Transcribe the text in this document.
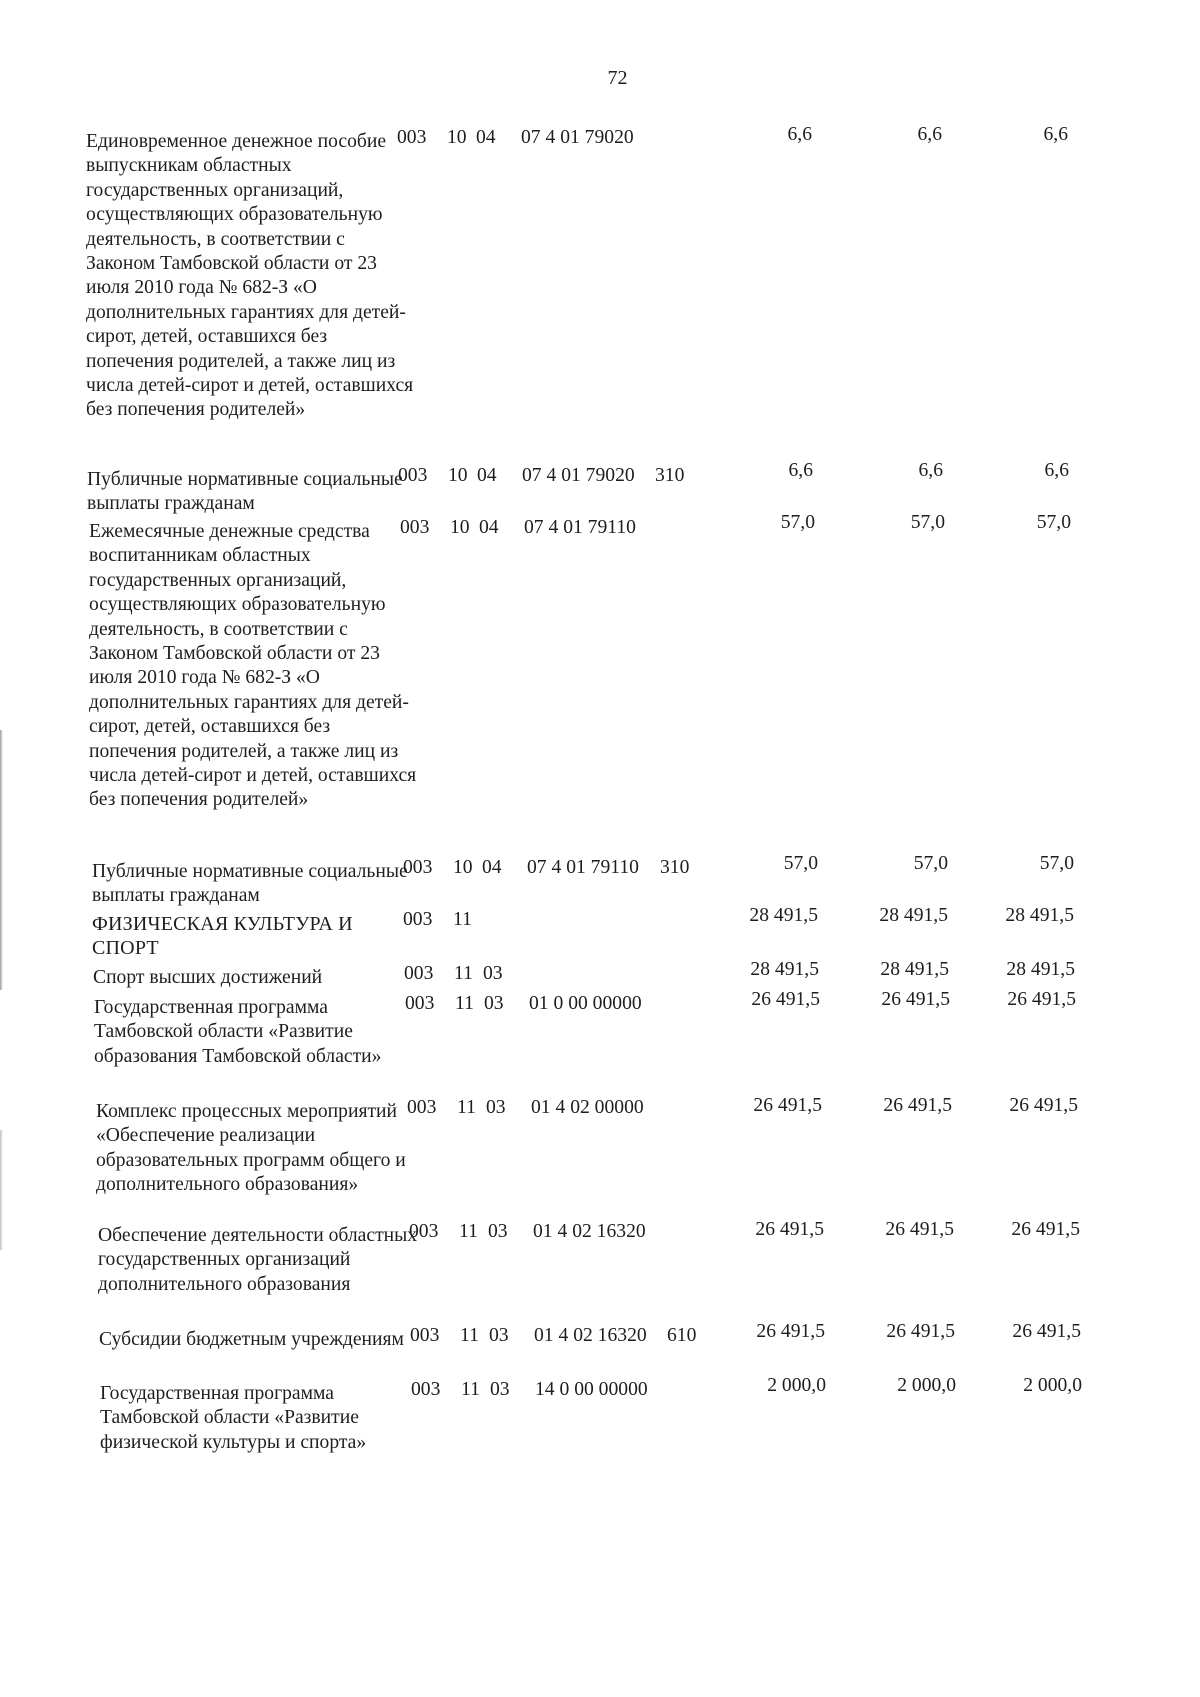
72
Единовременное денежное пособие выпускникам областных государственных организаций, осуществляющих образовательную деятельность, в соответствии с Законом Тамбовской области от 23 июля 2010 года № 682-З «О дополнительных гарантиях для детей-сирот, детей, оставшихся без попечения родителей, а также лиц из числа детей-сирот и детей, оставшихся без попечения родителей»
003 10 04 07 4 01 79020	6,6	6,6	6,6
Публичные нормативные социальные выплаты гражданам
003 10 04 07 4 01 79020 310	6,6	6,6	6,6
Ежемесячные денежные средства воспитанникам областных государственных организаций, осуществляющих образовательную деятельность, в соответствии с Законом Тамбовской области от 23 июля 2010 года № 682-З «О дополнительных гарантиях для детей-сирот, детей, оставшихся без попечения родителей, а также лиц из числа детей-сирот и детей, оставшихся без попечения родителей»
003 10 04 07 4 01 79110	57,0	57,0	57,0
Публичные нормативные социальные выплаты гражданам
003 10 04 07 4 01 79110 310	57,0	57,0	57,0
ФИЗИЧЕСКАЯ КУЛЬТУРА И СПОРТ
003 11	28 491,5	28 491,5	28 491,5
Спорт высших достижений	003 11 03	28 491,5	28 491,5	28 491,5
Государственная программа Тамбовской области «Развитие образования Тамбовской области»
003 11 03 01 0 00 00000	26 491,5	26 491,5	26 491,5
Комплекс процессных мероприятий «Обеспечение реализации образовательных программ общего и дополнительного образования»
003 11 03 01 4 02 00000	26 491,5	26 491,5	26 491,5
Обеспечение деятельности областных государственных организаций дополнительного образования
003 11 03 01 4 02 16320	26 491,5	26 491,5	26 491,5
Субсидии бюджетным учреждениям 003 11 03 01 4 02 16320 610	26 491,5	26 491,5	26 491,5
Государственная программа Тамбовской области «Развитие физической культуры и спорта»
003 11 03 14 0 00 00000	2 000,0	2 000,0	2 000,0
